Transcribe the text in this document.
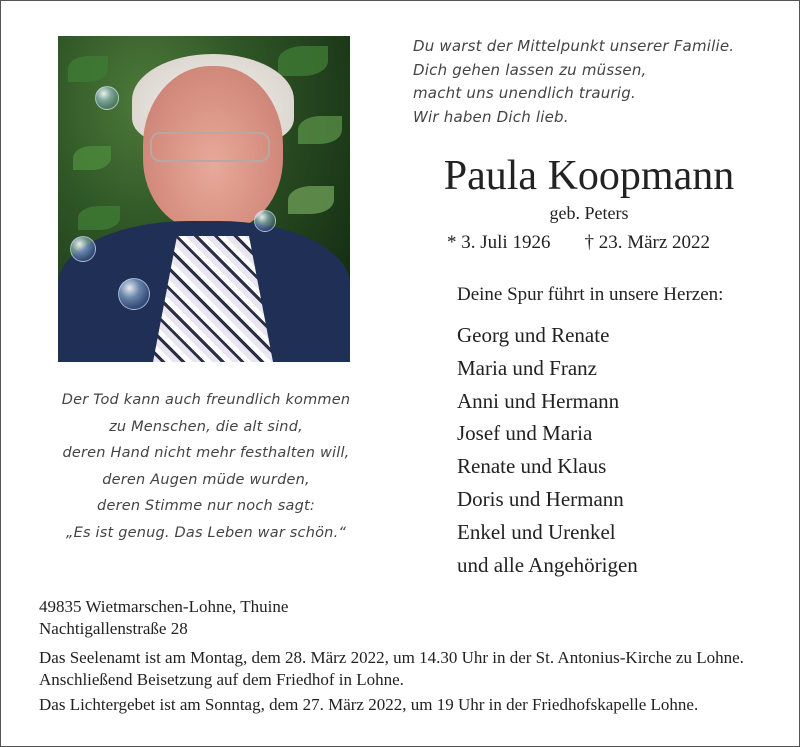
Du warst der Mittelpunkt unserer Familie.
Dich gehen lassen zu müssen,
macht uns unendlich traurig.
Wir haben Dich lieb.
Paula Koopmann
geb. Peters
* 3. Juli 1926 † 23. März 2022
Deine Spur führt in unsere Herzen:
Georg und Renate
Maria und Franz
Anni und Hermann
Josef und Maria
Renate und Klaus
Doris und Hermann
Enkel und Urenkel
und alle Angehörigen
Der Tod kann auch freundlich kommen
zu Menschen, die alt sind,
deren Hand nicht mehr festhalten will,
deren Augen müde wurden,
deren Stimme nur noch sagt:
„Es ist genug. Das Leben war schön.“
49835 Wietmarschen-Lohne, Thuine
Nachtigallenstraße 28

Das Seelenamt ist am Montag, dem 28. März 2022, um 14.30 Uhr in der St. Antonius-Kirche zu Lohne. Anschließend Beisetzung auf dem Friedhof in Lohne.

Das Lichtergebet ist am Sonntag, dem 27. März 2022, um 19 Uhr in der Friedhofskapelle Lohne.
